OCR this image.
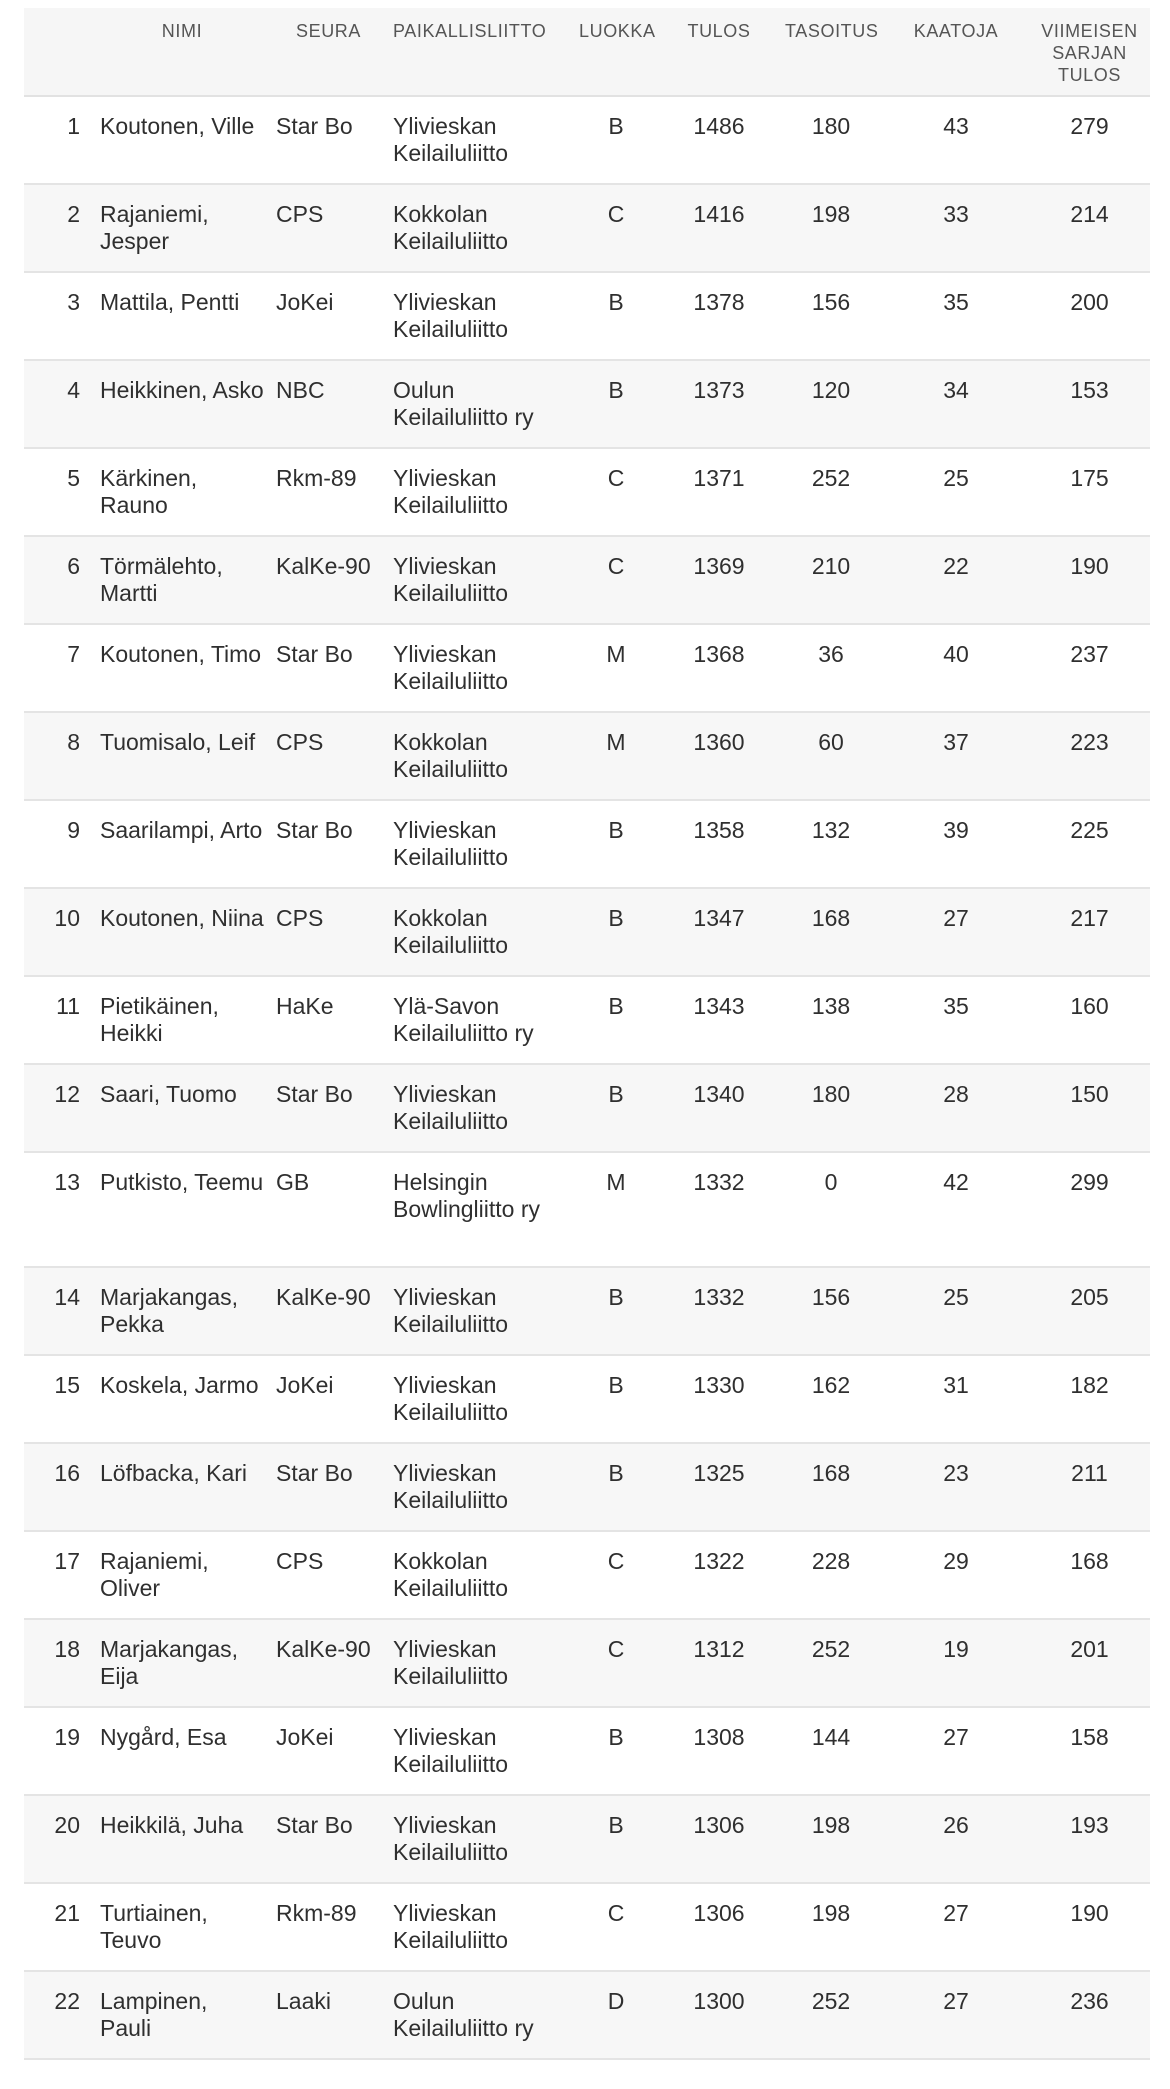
	NIMI	SEURA	PAIKALLISLIITTO	LUOKKA	TULOS	TASOITUS	KAATOJA	VIIMEISEN
SARJAN
TULOS
1	Koutonen, Ville	Star Bo	Ylivieskan Keilailuliitto	B	1486	180	43	279
2	Rajaniemi, Jesper	CPS	Kokkolan Keilailuliitto	C	1416	198	33	214
3	Mattila, Pentti	JoKei	Ylivieskan Keilailuliitto	B	1378	156	35	200
4	Heikkinen, Asko	NBC	Oulun Keilailuliitto ry	B	1373	120	34	153
5	Kärkinen, Rauno	Rkm-89	Ylivieskan Keilailuliitto	C	1371	252	25	175
6	Törmälehto, Martti	KalKe-90	Ylivieskan Keilailuliitto	C	1369	210	22	190
7	Koutonen, Timo	Star Bo	Ylivieskan Keilailuliitto	M	1368	36	40	237
8	Tuomisalo, Leif	CPS	Kokkolan Keilailuliitto	M	1360	60	37	223
9	Saarilampi, Arto	Star Bo	Ylivieskan Keilailuliitto	B	1358	132	39	225
10	Koutonen, Niina	CPS	Kokkolan Keilailuliitto	B	1347	168	27	217
11	Pietikäinen, Heikki	HaKe	Ylä-Savon Keilailuliitto ry	B	1343	138	35	160
12	Saari, Tuomo	Star Bo	Ylivieskan Keilailuliitto	B	1340	180	28	150
13	Putkisto, Teemu	GB	Helsingin Bowlingliitto ry	M	1332	0	42	299
14	Marjakangas, Pekka	KalKe-90	Ylivieskan Keilailuliitto	B	1332	156	25	205
15	Koskela, Jarmo	JoKei	Ylivieskan Keilailuliitto	B	1330	162	31	182
16	Löfbacka, Kari	Star Bo	Ylivieskan Keilailuliitto	B	1325	168	23	211
17	Rajaniemi, Oliver	CPS	Kokkolan Keilailuliitto	C	1322	228	29	168
18	Marjakangas, Eija	KalKe-90	Ylivieskan Keilailuliitto	C	1312	252	19	201
19	Nygård, Esa	JoKei	Ylivieskan Keilailuliitto	B	1308	144	27	158
20	Heikkilä, Juha	Star Bo	Ylivieskan Keilailuliitto	B	1306	198	26	193
21	Turtiainen, Teuvo	Rkm-89	Ylivieskan Keilailuliitto	C	1306	198	27	190
22	Lampinen, Pauli	Laaki	Oulun Keilailuliitto ry	D	1300	252	27	236
